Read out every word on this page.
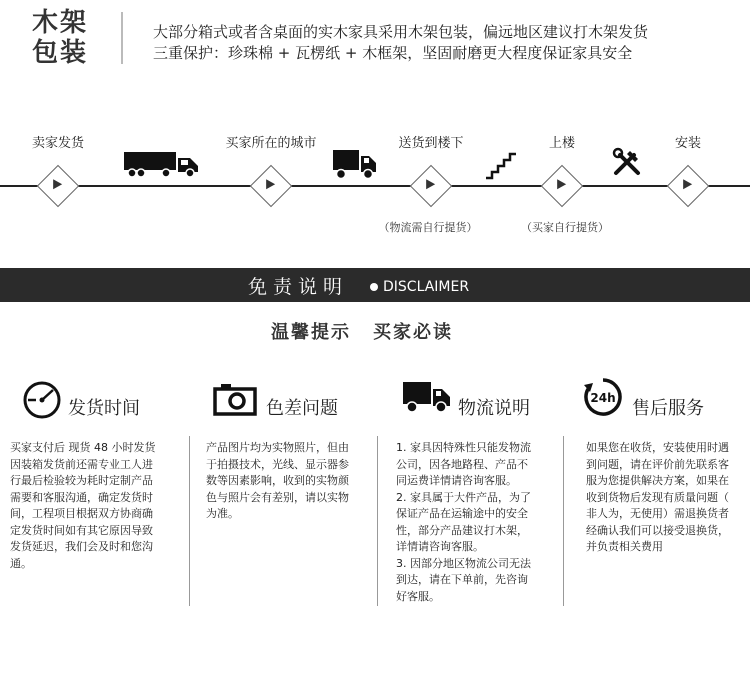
木架
包装
大部分箱式或者含桌面的实木家具采用木架包装，偏远地区建议打木架发货
三重保护：珍珠棉 + 瓦楞纸 + 木框架，坚固耐磨更大程度保证家具安全
卖家发货	买家所在的城市	送货到楼下	上楼	安装
（物流需自行提货）	（买家自行提货）
免责说明 DISCLAIMER
温馨提示 买家必读
发货时间
买家支付后 现货 48 小时发货
因装箱发货前还需专业工人进
行最后检验较为耗时定制产品
需要和客服沟通，确定发货时
间，工程项目根据双方协商确
定发货时间如有其它原因导致
发货延迟，我们会及时和您沟
通。
色差问题
产品图片均为实物照片，但由
于拍摄技术，光线、显示器参
数等因素影响，收到的实物颜
色与照片会有差别，请以实物
为准。
物流说明
1. 家具因特殊性只能发物流
公司，因各地路程、产品不
同运费详情请咨询客服。
2. 家具属于大件产品，为了
保证产品在运输途中的安全
性，部分产品建议打木架，
详情请咨询客服。
3. 因部分地区物流公司无法
到达，请在下单前，先咨询
好客服。
24h 售后服务
如果您在收货，安装使用时遇
到问题，请在评价前先联系客
服为您提供解决方案，如果在
收到货物后发现有质量问题（
非人为，无使用）需退换货者
经确认我们可以接受退换货，
并负责相关费用
